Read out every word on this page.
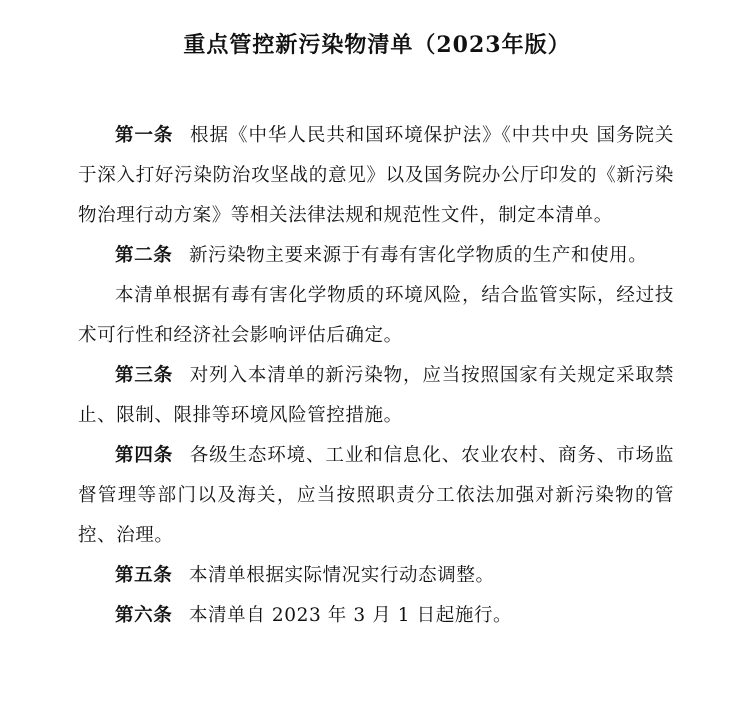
重点管控新污染物清单（2023年版）

第一条 根据《中华人民共和国环境保护法》《中共中央 国务院关于深入打好污染防治攻坚战的意见》以及国务院办公厅印发的《新污染物治理行动方案》等相关法律法规和规范性文件，制定本清单。

第二条 新污染物主要来源于有毒有害化学物质的生产和使用。

本清单根据有毒有害化学物质的环境风险，结合监管实际，经过技术可行性和经济社会影响评估后确定。

第三条 对列入本清单的新污染物，应当按照国家有关规定采取禁止、限制、限排等环境风险管控措施。

第四条 各级生态环境、工业和信息化、农业农村、商务、市场监督管理等部门以及海关，应当按照职责分工依法加强对新污染物的管控、治理。

第五条 本清单根据实际情况实行动态调整。

第六条 本清单自 2023 年 3 月 1 日起施行。
